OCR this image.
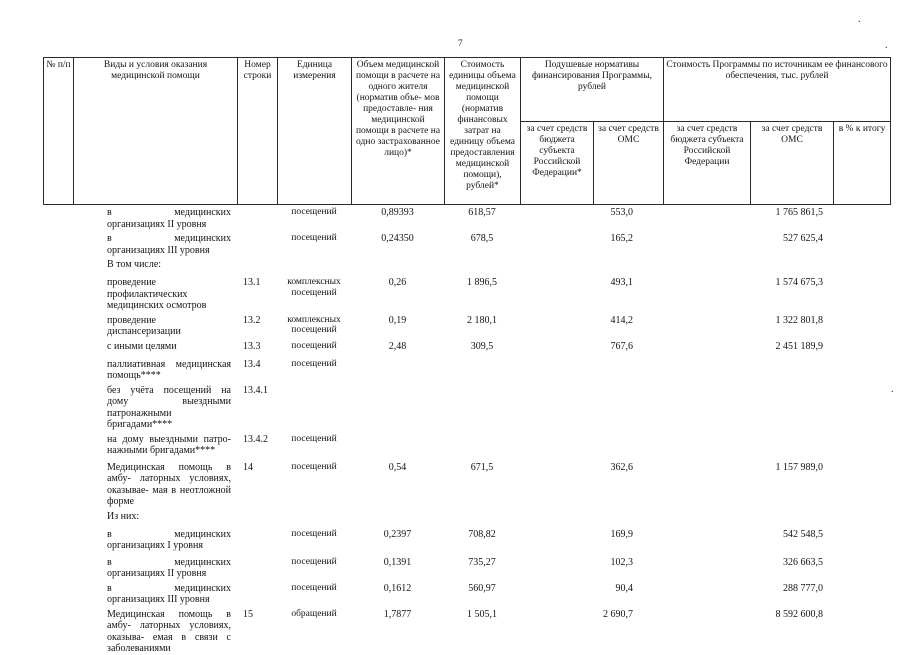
7
№ п/п	Виды и условия оказания медицинской помощи	Номер строки	Единица измерения	Объем медицинской помощи в расчете на одного жителя (норматив объе- мов предоставле- ния медицинской помощи в расчете на одно застрахованное лицо)*	Стоимость единицы объема медицинской помощи (норматив финансовых затрат на единицу объема предоставления медицинской помощи), рублей*	Подушевые нормативы финансирования Программы, рублей		Стоимость Программы по источникам ее финансового обеспечения, тыс. рублей		
						за счет средств бюджета субъекта Российской Федерации*	за счет средств ОМС	за счет средств бюджета субъекта Российской Федерации	за счет средств ОМС	в % к итогу
	в медицинских организациях II уровня		посещений	0,89393	618,57		553,0		1 765 861,5	
	в медицинских организациях III уровня		посещений	0,24350	678,5		165,2		527 625,4	
	В том числе:									
	проведение профилактических медицинских осмотров	13.1	комплексных посещений	0,26	1 896,5		493,1		1 574 675,3	
	проведение диспансеризации	13.2	комплексных посещений	0,19	2 180,1		414,2		1 322 801,8	
	с иными целями	13.3	посещений	2,48	309,5		767,6		2 451 189,9	
	паллиативная медицинская помощь****	13.4	посещений							
	без учёта посещений на дому выездными патронажными бригадами****	13.4.1								
	на дому выездными патро- нажными бригадами****	13.4.2	посещений							
	Медицинская помощь в амбу- латорных условиях, оказывае- мая в неотложной форме	14	посещений	0,54	671,5		362,6		1 157 989,0	
	Из них:									
	в медицинских организациях I уровня		посещений	0,2397	708,82		169,9		542 548,5	
	в медицинских организациях II уровня		посещений	0,1391	735,27		102,3		326 663,5	
	в медицинских организациях III уровня		посещений	0,1612	560,97		90,4		288 777,0	
	Медицинская помощь в амбу- латорных условиях, оказыва- емая в связи с заболеваниями	15	обращений	1,7877	1 505,1		2 690,7		8 592 600,8	
.
.
.
